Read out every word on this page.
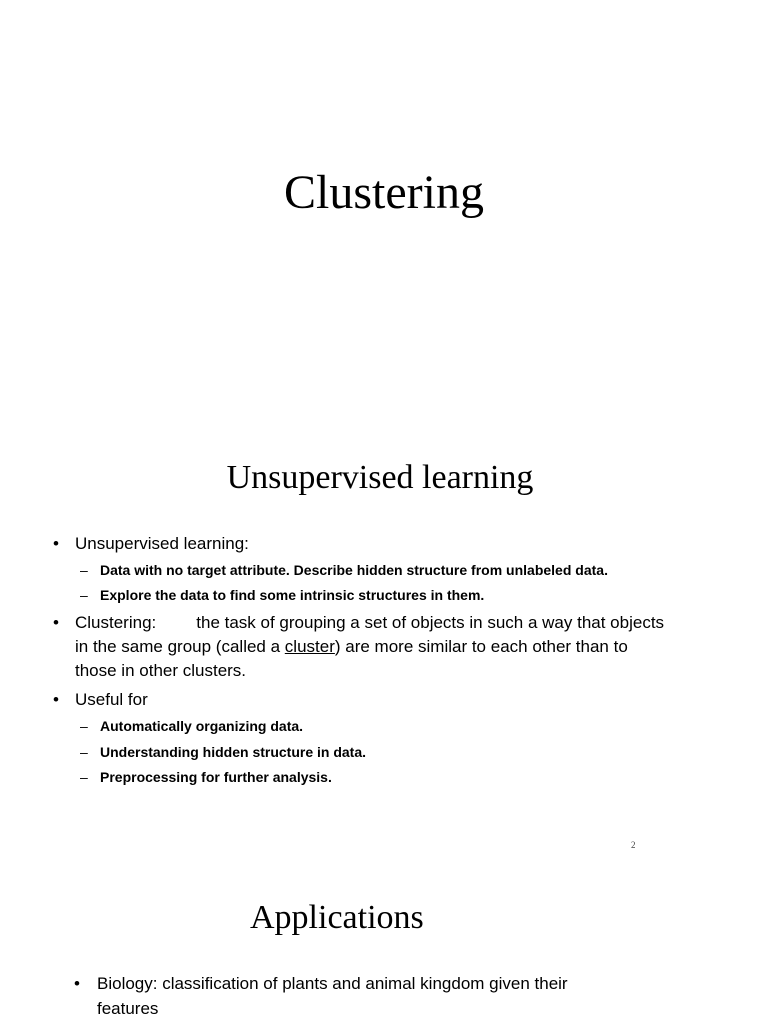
Clustering
Unsupervised learning
• Unsupervised learning:
– Data with no target attribute. Describe hidden structure from unlabeled data.
– Explore the data to find some intrinsic structures in them.
• Clustering: the task of grouping a set of objects in such a way that objects
in the same group (called a cluster) are more similar to each other than to
those in other clusters.
• Useful for
– Automatically organizing data.
– Understanding hidden structure in data.
– Preprocessing for further analysis.
2
Applications
• Biology: classification of plants and animal kingdom given their
features
